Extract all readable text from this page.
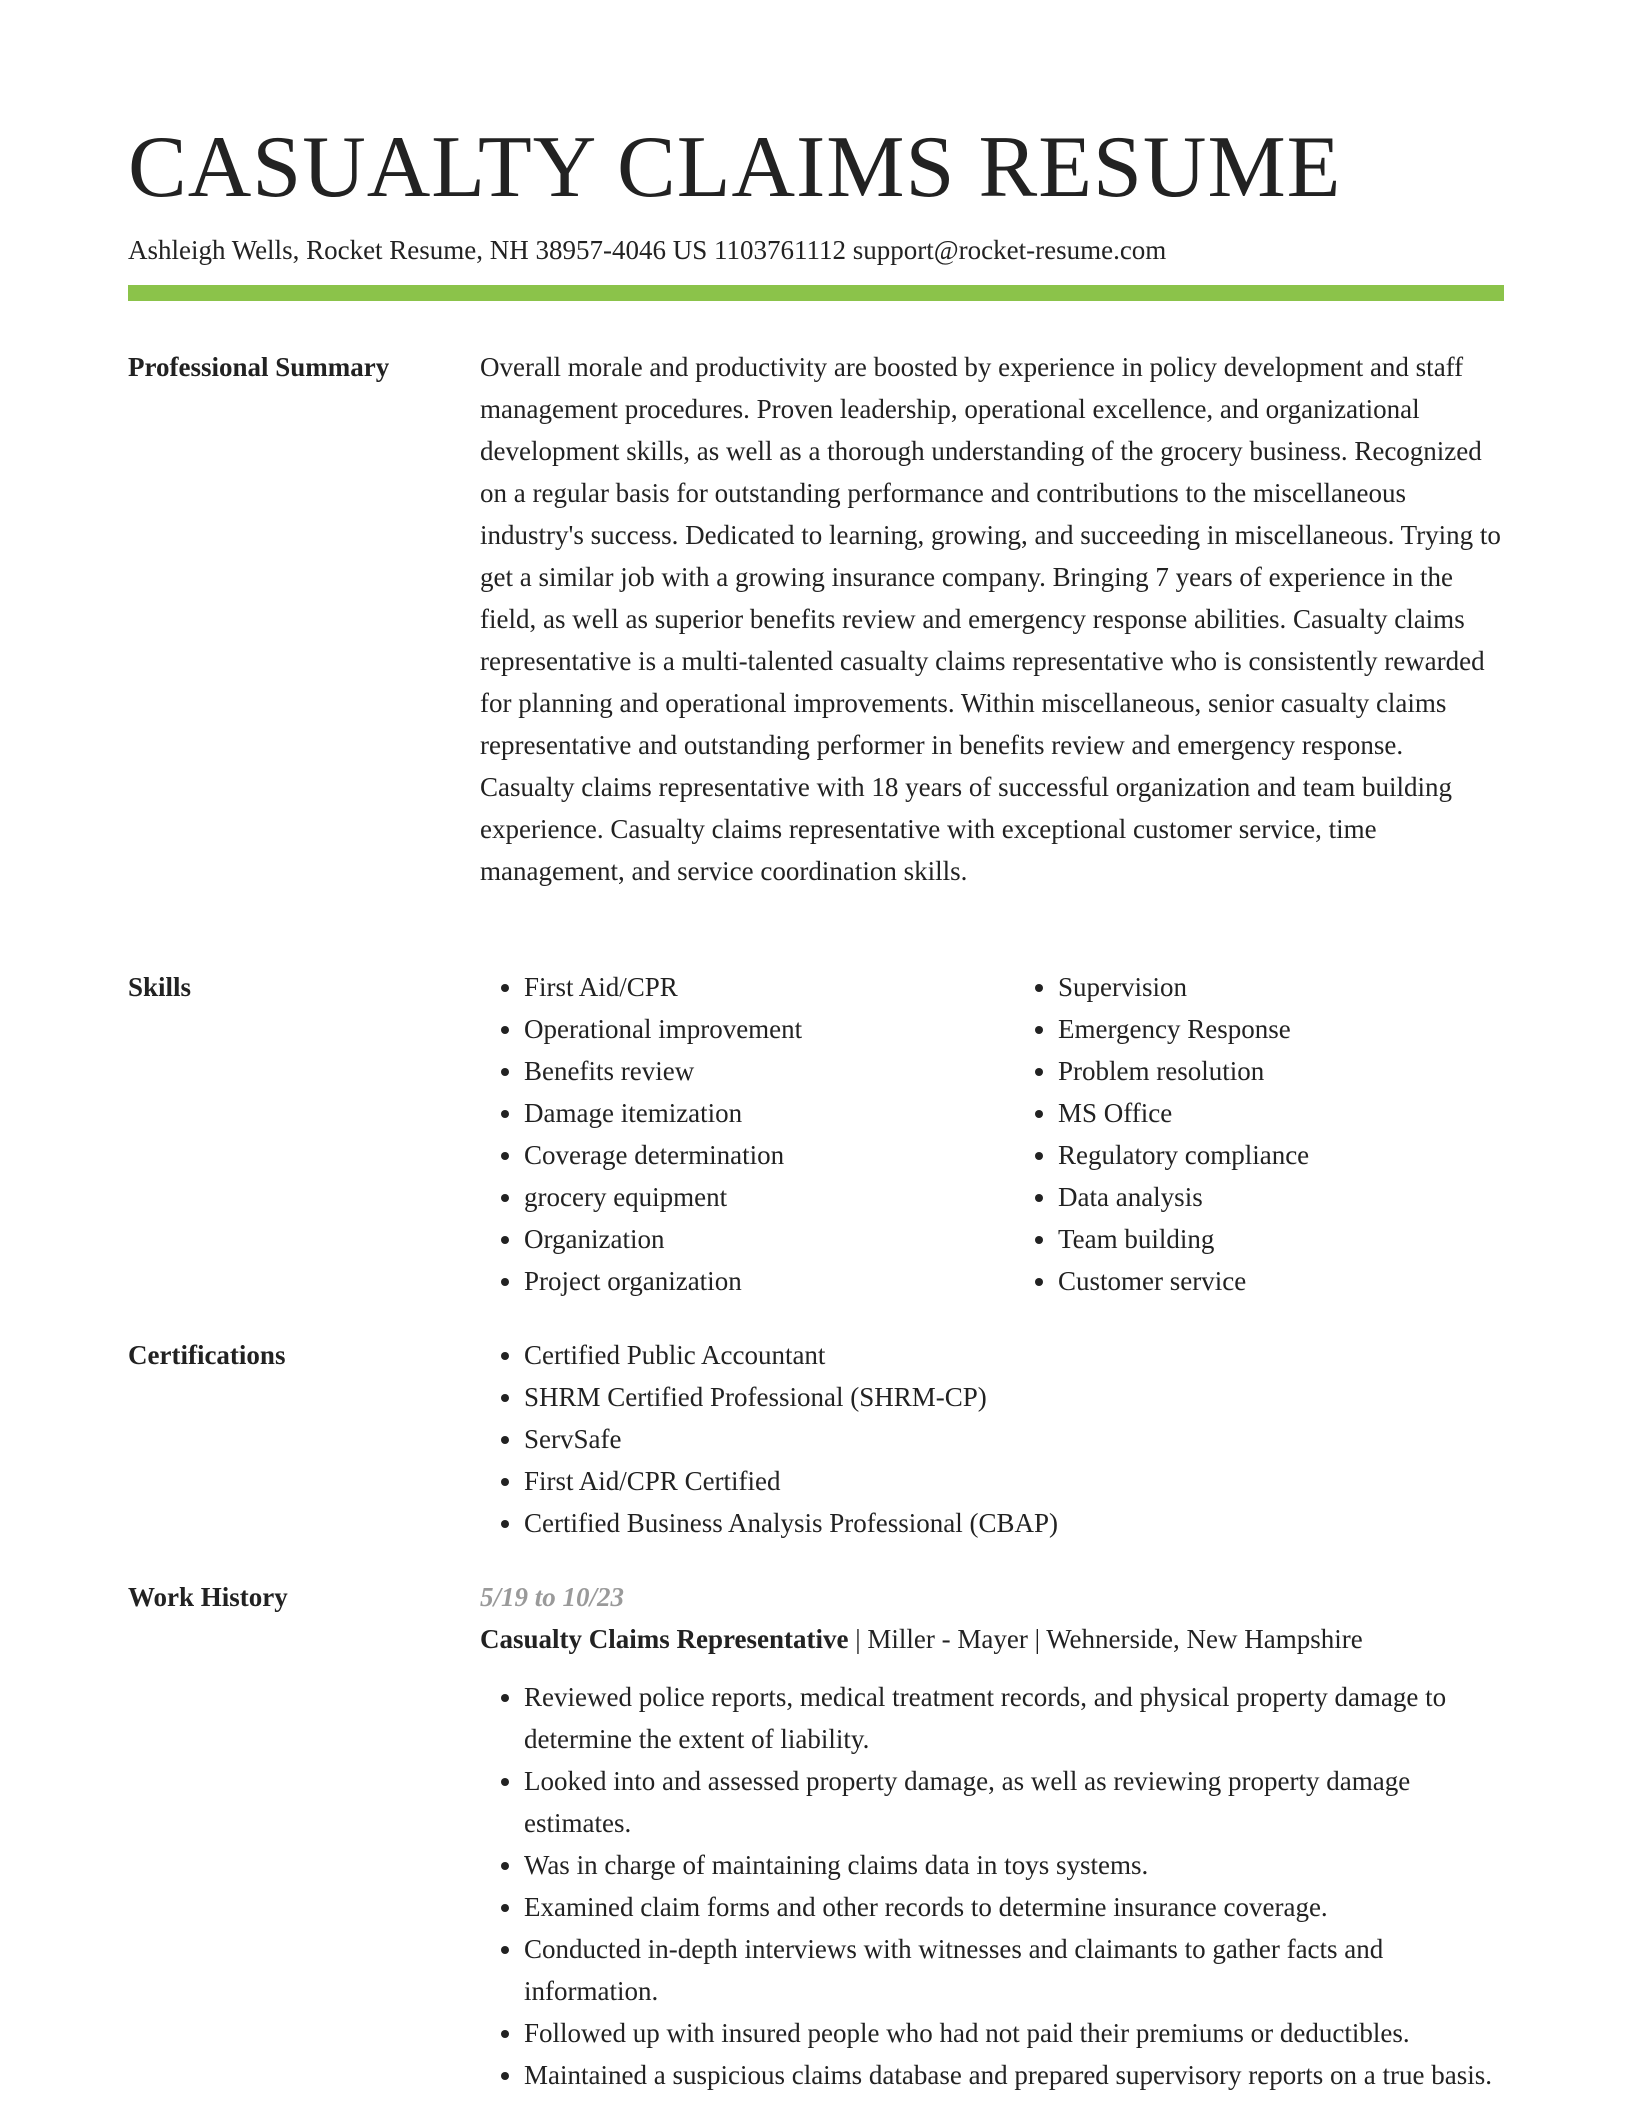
CASUALTY CLAIMS RESUME
Ashleigh Wells, Rocket Resume, NH 38957-4046 US 1103761112 support@rocket-resume.com
Professional Summary	Overall morale and productivity are boosted by experience in policy development and staff management procedures. Proven leadership, operational excellence, and organizational development skills, as well as a thorough understanding of the grocery business. Recognized on a regular basis for outstanding performance and contributions to the miscellaneous industry's success. Dedicated to learning, growing, and succeeding in miscellaneous. Trying to get a similar job with a growing insurance company. Bringing 7 years of experience in the field, as well as superior benefits review and emergency response abilities. Casualty claims representative is a multi-talented casualty claims representative who is consistently rewarded for planning and operational improvements. Within miscellaneous, senior casualty claims representative and outstanding performer in benefits review and emergency response. Casualty claims representative with 18 years of successful organization and team building experience. Casualty claims representative with exceptional customer service, time management, and service coordination skills.

Skills	• First Aid/CPR
• Operational improvement
• Benefits review
• Damage itemization
• Coverage determination
• grocery equipment
• Organization
• Project organization
• Supervision
• Emergency Response
• Problem resolution
• MS Office
• Regulatory compliance
• Data analysis
• Team building
• Customer service
Certifications	• Certified Public Accountant
• SHRM Certified Professional (SHRM-CP)
• ServSafe
• First Aid/CPR Certified
• Certified Business Analysis Professional (CBAP)
Work History	5/19 to 10/23
Casualty Claims Representative | Miller - Mayer | Wehnerside, New Hampshire
• Reviewed police reports, medical treatment records, and physical property damage to determine the extent of liability.
• Looked into and assessed property damage, as well as reviewing property damage estimates.
• Was in charge of maintaining claims data in toys systems.
• Examined claim forms and other records to determine insurance coverage.
• Conducted in-depth interviews with witnesses and claimants to gather facts and information.
• Followed up with insured people who had not paid their premiums or deductibles.
• Maintained a suspicious claims database and prepared supervisory reports on a true basis.
